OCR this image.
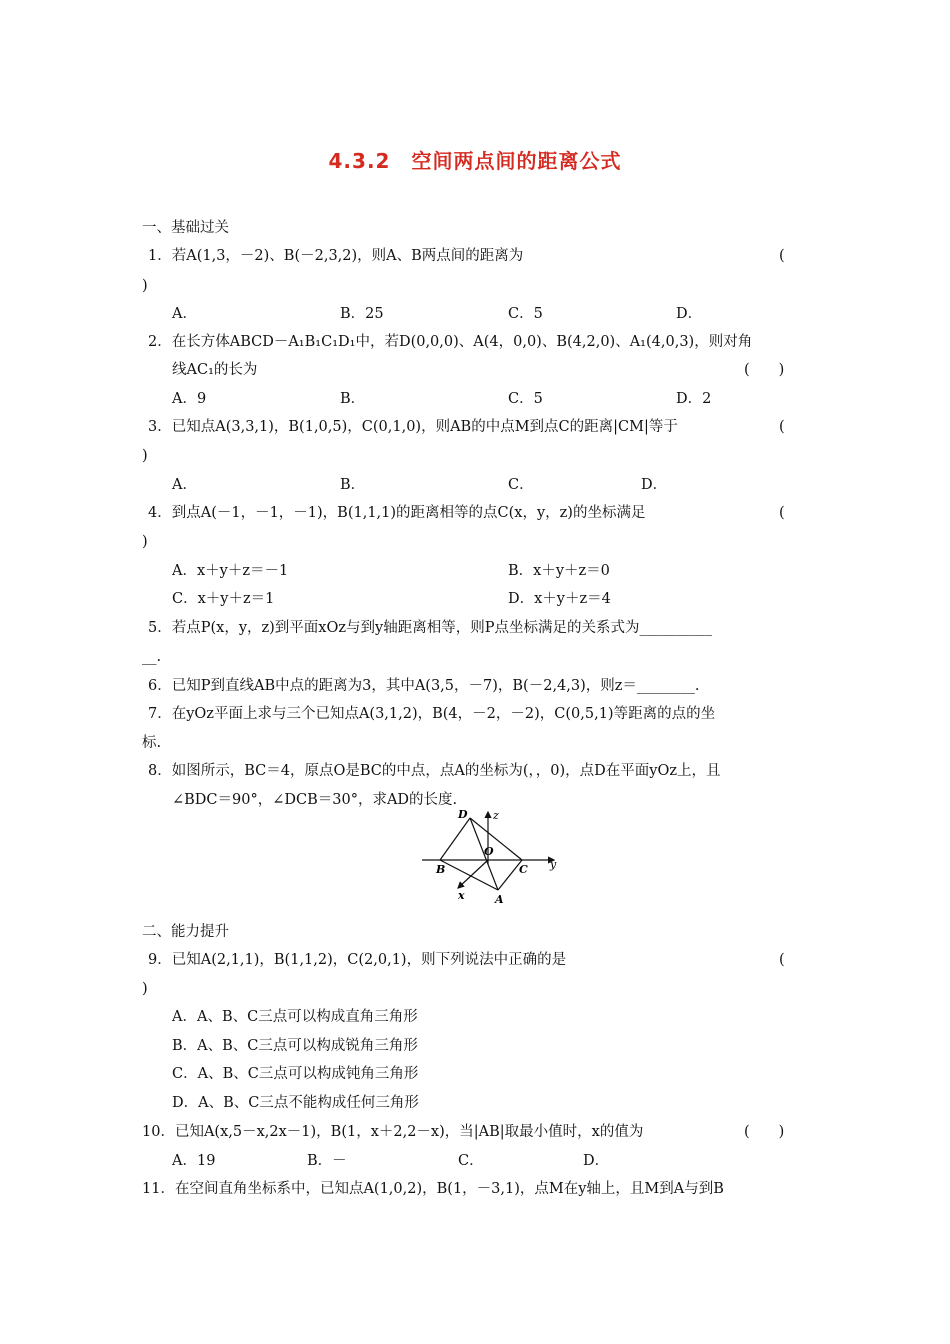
4.3.2　空间两点间的距离公式
一、基础过关
1．若A(1,3，－2)、B(－2,3,2)，则A、B两点间的距离为	(
)
A．	B．25	C．5	D．
2．在长方体ABCD－A₁B₁C₁D₁中，若D(0,0,0)、A(4，0,0)、B(4,2,0)、A₁(4,0,3)，则对角
线AC₁的长为	(　　)
A．9	B．	C．5	D．2
3．已知点A(3,3,1)，B(1,0,5)，C(0,1,0)，则AB的中点M到点C的距离|CM|等于	(
)
A．	B．	C．	D．
4．到点A(－1，－1，－1)，B(1,1,1)的距离相等的点C(x，y，z)的坐标满足	(
)
A．x＋y＋z＝－1	B．x＋y＋z＝0
C．x＋y＋z＝1	D．x＋y＋z＝4
5．若点P(x，y，z)到平面xOz与到y轴距离相等，则P点坐标满足的关系式为__________
__.
6．已知P到直线AB中点的距离为3，其中A(3,5，－7)，B(－2,4,3)，则z＝________.
7．在yOz平面上求与三个已知点A(3,1,2)，B(4，－2，－2)，C(0,5,1)等距离的点的坐
标.
8．如图所示，BC＝4，原点O是BC的中点，点A的坐标为(，，0)，点D在平面yOz上，且
∠BDC＝90°，∠DCB＝30°，求AD的长度.
D z
O
B	C y
x	A
二、能力提升
9．已知A(2,1,1)，B(1,1,2)，C(2,0,1)，则下列说法中正确的是	(
)
A．A、B、C三点可以构成直角三角形
B．A、B、C三点可以构成锐角三角形
C．A、B、C三点可以构成钝角三角形
D．A、B、C三点不能构成任何三角形
10．已知A(x,5－x,2x－1)，B(1，x＋2,2－x)，当|AB|取最小值时，x的值为	(　　)
A．19	B．－	C．	D．
11．在空间直角坐标系中，已知点A(1,0,2)，B(1，－3,1)，点M在y轴上，且M到A与到B
